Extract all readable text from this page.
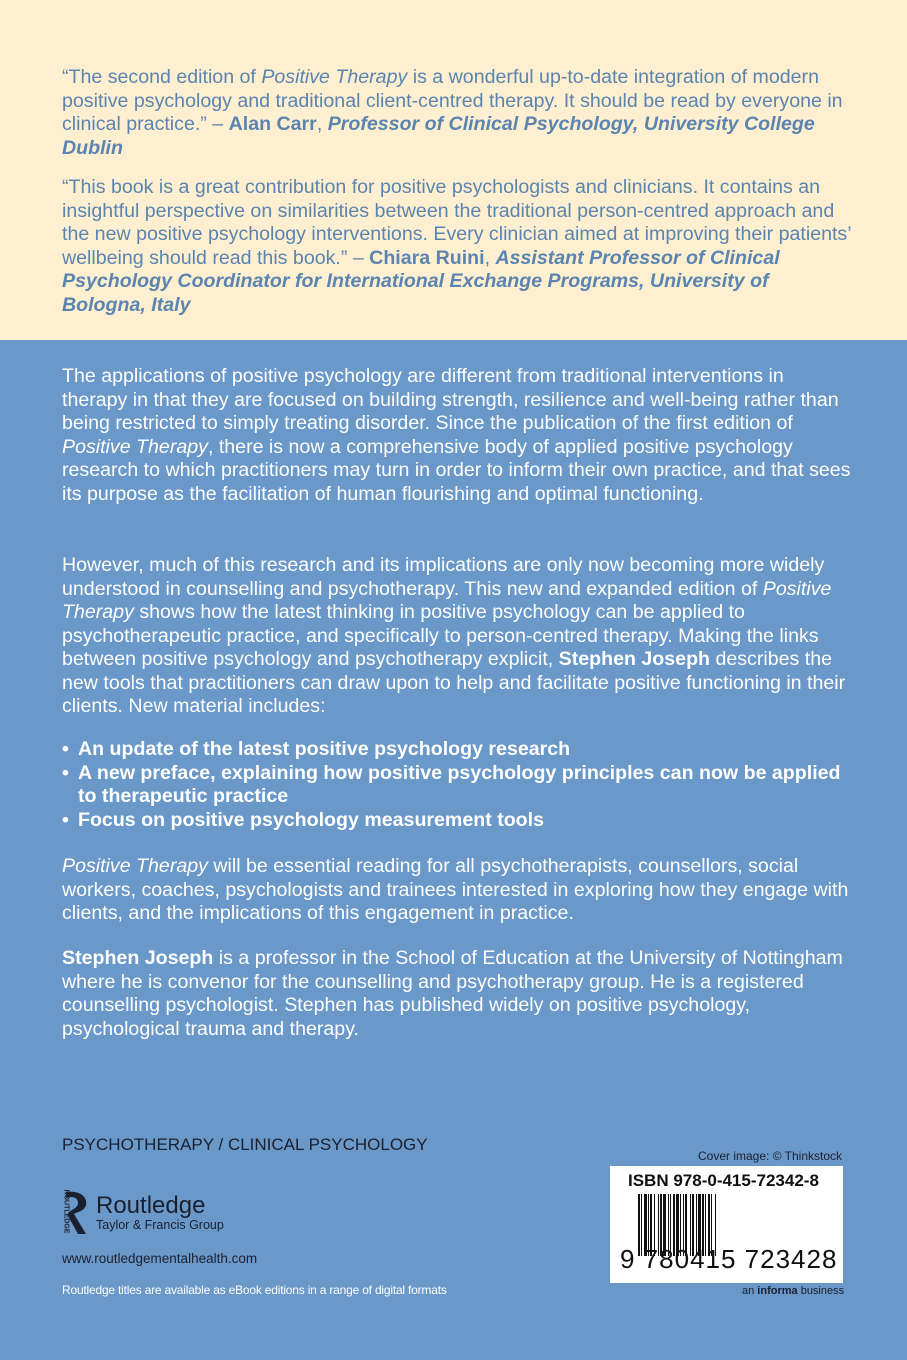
“The second edition of Positive Therapy is a wonderful up-to-date integration of modern positive psychology and traditional client-centred therapy. It should be read by everyone in clinical practice.” – Alan Carr, Professor of Clinical Psychology, University College Dublin

“This book is a great contribution for positive psychologists and clinicians. It contains an insightful perspective on similarities between the traditional person-centred approach and the new positive psychology interventions. Every clinician aimed at improving their patients’ wellbeing should read this book.” – Chiara Ruini, Assistant Professor of Clinical Psychology Coordinator for International Exchange Programs, University of Bologna, Italy

The applications of positive psychology are different from traditional interventions in therapy in that they are focused on building strength, resilience and well-being rather than being restricted to simply treating disorder. Since the publication of the first edition of Positive Therapy, there is now a comprehensive body of applied positive psychology research to which practitioners may turn in order to inform their own practice, and that sees its purpose as the facilitation of human flourishing and optimal functioning.

However, much of this research and its implications are only now becoming more widely understood in counselling and psychotherapy. This new and expanded edition of Positive Therapy shows how the latest thinking in positive psychology can be applied to psychotherapeutic practice, and specifically to person-centred therapy. Making the links between positive psychology and psychotherapy explicit, Stephen Joseph describes the new tools that practitioners can draw upon to help and facilitate positive functioning in their clients. New material includes:

• An update of the latest positive psychology research
• A new preface, explaining how positive psychology principles can now be applied to therapeutic practice
• Focus on positive psychology measurement tools

Positive Therapy will be essential reading for all psychotherapists, counsellors, social workers, coaches, psychologists and trainees interested in exploring how they engage with clients, and the implications of this engagement in practice.

Stephen Joseph is a professor in the School of Education at the University of Nottingham where he is convenor for the counselling and psychotherapy group. He is a registered counselling psychologist. Stephen has published widely on positive psychology, psychological trauma and therapy.

PSYCHOTHERAPY / CLINICAL PSYCHOLOGY
ROUTLEDGE Routledge
Taylor & Francis Group
www.routledgementalhealth.com
Routledge titles are available as eBook editions in a range of digital formats
Cover image: © Thinkstock
ISBN 978-0-415-72342-8
9 780415 723428
an informa business
